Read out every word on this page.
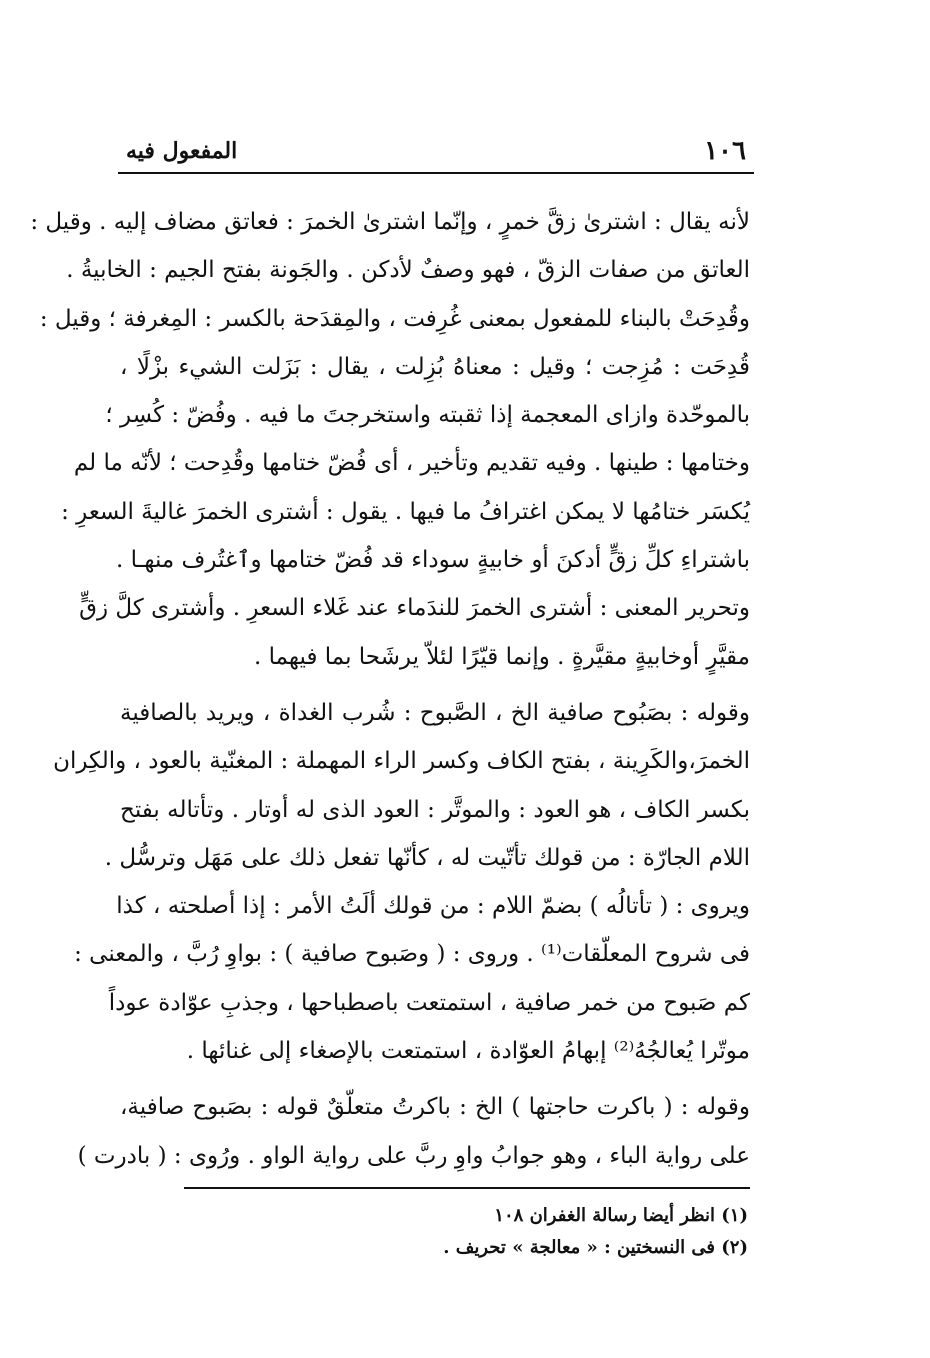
١٠٦
المفعول فيه
لأنه يقال : اشترىٰ زقَّ خمرٍ ، وإنّما اشترىٰ الخمرَ : فعاتق مضاف إليه . وقيل :
العاتق من صفات الزقّ ، فهو وصفٌ لأدكن . والجَونة بفتح الجيم : الخابيةُ .
وقُدِحَتْ بالبناء للمفعول بمعنى غُرِفت ، والمِقدَحة بالكسر : المِغرفة ؛ وقيل :
قُدِحَت : مُزِجت ؛ وقيل : معناهُ بُزِلت ، يقال : بَزَلت الشيء بزْلًا ،
بالموحّدة وازاى المعجمة إذا ثقبته واستخرجتَ ما فيه . وفُضّ : كُسِر ؛
وختامها : طينها . وفيه تقديم وتأخير ، أى فُضّ ختامها وقُدِحت ؛ لأنّه ما لم
يُكسَر ختامُها لا يمكن اغترافُ ما فيها . يقول : أشترى الخمرَ غاليةَ السعرِ :
باشتراءِ كلِّ زقٍّ أدكنَ أو خابيةٍ سوداء قد فُضّ ختامها وٱغتُرف منهـا .
وتحرير المعنى : أشترى الخمرَ للندَماء عند غَلاء السعرِ . وأشترى كلَّ زقٍّ
مقيَّرٍ أوخابيةٍ مقيَّرةٍ . وإنما قيّرًا لئلاّ يرشَحا بما فيهما .
وقوله : بصَبُوح صافية الخ ، الصَّبوح : شُرب الغداة ، ويريد بالصافية
الخمرَ،والكَرِينة ، بفتح الكاف وكسر الراء المهملة : المغنّية بالعود ، والكِران
بكسر الكاف ، هو العود : والموتَّر : العود الذى له أوتار . وتأتاله بفتح
اللام الجارّة : من قولك تأتّيت له ، كأنّها تفعل ذلك على مَهَل وترسُّل .
ويروى : ( تأتالُه ) بضمّ اللام : من قولك ألَتُ الأمر : إذا أصلحته ، كذا
فى شروح المعلّقات⁽¹⁾ . وروى : ( وصَبوح صافية ) : بواوِ رُبَّ ، والمعنى :
كم صَبوح من خمر صافية ، استمتعت باصطباحها ، وجذبِ عوّادة عوداً
موتّرا يُعالجُهُ⁽²⁾ إبهامُ العوّادة ، استمتعت بالإصغاء إلى غنائها .
وقوله : ( باكرت حاجتها ) الخ : باكرتُ متعلّقٌ قوله : بصَبوح صافية،
على رواية الباء ، وهو جوابُ واوِ ربَّ على رواية الواو . ورُوى : ( بادرت )
(١) انظر أيضا رسالة الغفران ١٠٨
(٢) فى النسختين : « معالجة » تحريف .
